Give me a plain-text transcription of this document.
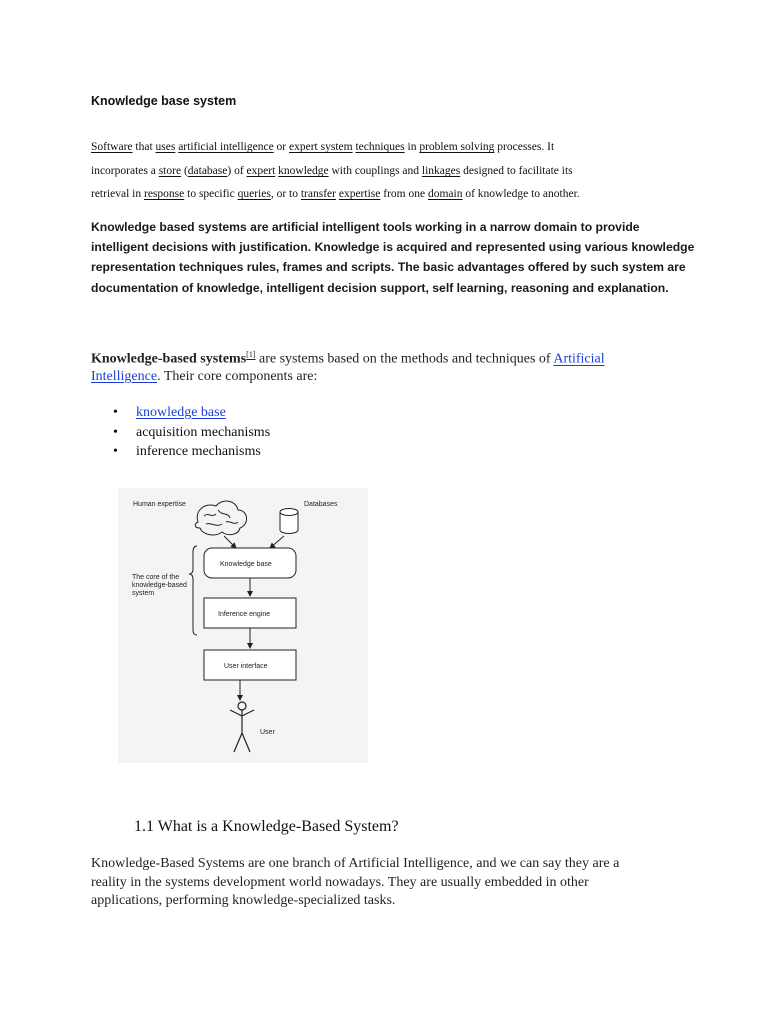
Knowledge base system
Software that uses artificial intelligence or expert system techniques in problem solving processes. It
incorporates a store (database) of expert knowledge with couplings and linkages designed to facilitate its
retrieval in response to specific queries, or to transfer expertise from one domain of knowledge to another.
Knowledge based systems are artificial intelligent tools working in a narrow domain to provide
intelligent decisions with justification. Knowledge is acquired and represented using various knowledge
representation techniques rules, frames and scripts. The basic advantages offered by such system are
documentation of knowledge, intelligent decision support, self learning, reasoning and explanation.
Knowledge-based systems[1] are systems based on the methods and techniques of Artificial
Intelligence. Their core components are:
• knowledge base
• acquisition mechanisms
• inference mechanisms
Human expertise	Databases
The core of the
knowledge-based
system
Knowledge base
Inference engine
User interface
User
1.1 What is a Knowledge-Based System?
Knowledge-Based Systems are one branch of Artificial Intelligence, and we can say they are a
reality in the systems development world nowadays. They are usually embedded in other
applications, performing knowledge-specialized tasks.
